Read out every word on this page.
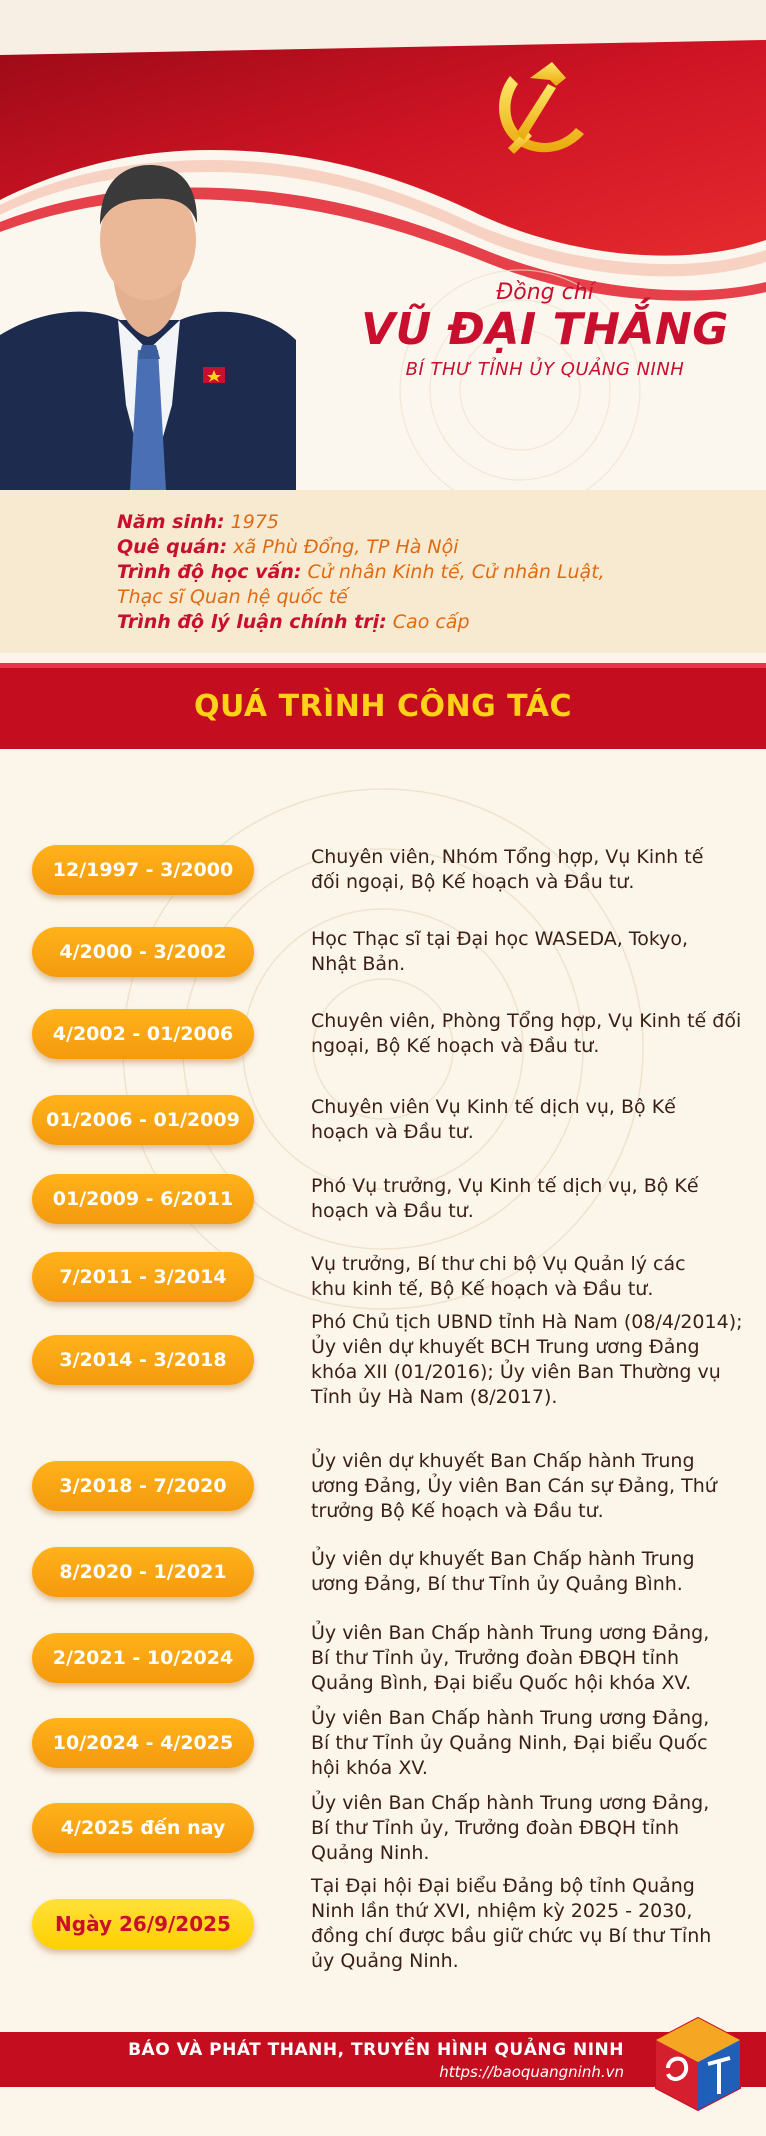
Đồng chí
VŨ ĐẠI THẮNG
BÍ THƯ TỈNH ỦY QUẢNG NINH
Năm sinh: 1975
Quê quán: xã Phù Đổng, TP Hà Nội
Trình độ học vấn: Cử nhân Kinh tế, Cử nhân Luật,
Thạc sĩ Quan hệ quốc tế
Trình độ lý luận chính trị: Cao cấp
QUÁ TRÌNH CÔNG TÁC
12/1997 - 3/2000
Chuyên viên, Nhóm Tổng hợp, Vụ Kinh tế
đối ngoại, Bộ Kế hoạch và Đầu tư.
4/2000 - 3/2002
Học Thạc sĩ tại Đại học WASEDA, Tokyo,
Nhật Bản.
4/2002 - 01/2006
Chuyên viên, Phòng Tổng hợp, Vụ Kinh tế đối
ngoại, Bộ Kế hoạch và Đầu tư.
01/2006 - 01/2009
Chuyên viên Vụ Kinh tế dịch vụ, Bộ Kế
hoạch và Đầu tư.
01/2009 - 6/2011
Phó Vụ trưởng, Vụ Kinh tế dịch vụ, Bộ Kế
hoạch và Đầu tư.
7/2011 - 3/2014
Vụ trưởng, Bí thư chi bộ Vụ Quản lý các
khu kinh tế, Bộ Kế hoạch và Đầu tư.
3/2014 - 3/2018
Phó Chủ tịch UBND tỉnh Hà Nam (08/4/2014);
Ủy viên dự khuyết BCH Trung ương Đảng
khóa XII (01/2016); Ủy viên Ban Thường vụ
Tỉnh ủy Hà Nam (8/2017).
3/2018 - 7/2020
Ủy viên dự khuyết Ban Chấp hành Trung
ương Đảng, Ủy viên Ban Cán sự Đảng, Thứ
trưởng Bộ Kế hoạch và Đầu tư.
8/2020 - 1/2021
Ủy viên dự khuyết Ban Chấp hành Trung
ương Đảng, Bí thư Tỉnh ủy Quảng Bình.
2/2021 - 10/2024
Ủy viên Ban Chấp hành Trung ương Đảng,
Bí thư Tỉnh ủy, Trưởng đoàn ĐBQH tỉnh
Quảng Bình, Đại biểu Quốc hội khóa XV.
10/2024 - 4/2025
Ủy viên Ban Chấp hành Trung ương Đảng,
Bí thư Tỉnh ủy Quảng Ninh, Đại biểu Quốc
hội khóa XV.
4/2025 đến nay
Ủy viên Ban Chấp hành Trung ương Đảng,
Bí thư Tỉnh ủy, Trưởng đoàn ĐBQH tỉnh
Quảng Ninh.
Ngày 26/9/2025
Tại Đại hội Đại biểu Đảng bộ tỉnh Quảng
Ninh lần thứ XVI, nhiệm kỳ 2025 - 2030,
đồng chí được bầu giữ chức vụ Bí thư Tỉnh
ủy Quảng Ninh.
BÁO VÀ PHÁT THANH, TRUYỀN HÌNH QUẢNG NINH
https://baoquangninh.vn
